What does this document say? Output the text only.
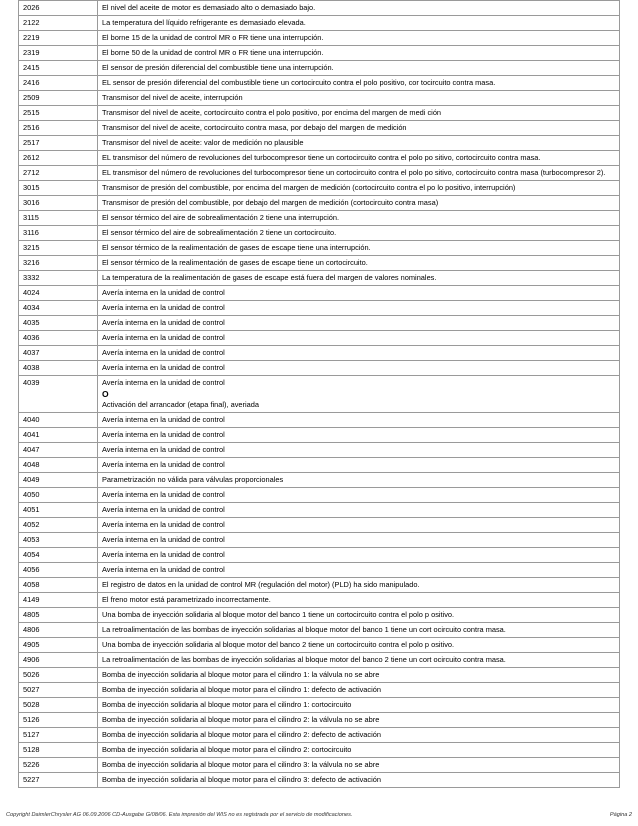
2026	El nivel del aceite de motor es demasiado alto o demasiado bajo.
2122	La temperatura del líquido refrigerante es demasiado elevada.
2219	El borne 15 de la unidad de control MR o FR tiene una interrupción.
2319	El borne 50 de la unidad de control MR o FR tiene una interrupción.
2415	El sensor de presión diferencial del combustible tiene una interrupción.
2416	EL sensor de presión diferencial del combustible tiene un cortocircuito contra el polo positivo, cor tocircuito contra masa.
2509	Transmisor del nivel de aceite, interrupción
2515	Transmisor del nivel de aceite, cortocircuito contra el polo positivo, por encima del margen de medi ción
2516	Transmisor del nivel de aceite, cortocircuito contra masa, por debajo del margen de medición
2517	Transmisor del nivel de aceite: valor de medición no plausible
2612	EL transmisor del número de revoluciones del turbocompresor tiene un cortocircuito contra el polo po sitivo, cortocircuito contra masa.
2712	EL transmisor del número de revoluciones del turbocompresor tiene un cortocircuito contra el polo po sitivo, cortocircuito contra masa (turbocompresor 2).
3015	Transmisor de presión del combustible, por encima del margen de medición (cortocircuito contra el po lo positivo, interrupción)
3016	Transmisor de presión del combustible, por debajo del margen de medición (cortocircuito contra masa)
3115	El sensor térmico del aire de sobrealimentación 2 tiene una interrupción.
3116	El sensor térmico del aire de sobrealimentación 2 tiene un cortocircuito.
3215	El sensor térmico de la realimentación de gases de escape tiene una interrupción.
3216	El sensor térmico de la realimentación de gases de escape tiene un cortocircuito.
3332	La temperatura de la realimentación de gases de escape está fuera del margen de valores nominales.
4024	Avería interna en la unidad de control
4034	Avería interna en la unidad de control
4035	Avería interna en la unidad de control
4036	Avería interna en la unidad de control
4037	Avería interna en la unidad de control
4038	Avería interna en la unidad de control
4039	Avería interna en la unidad de control
O
Activación del arrancador (etapa final), averiada

4040	Avería interna en la unidad de control
4041	Avería interna en la unidad de control
4047	Avería interna en la unidad de control
4048	Avería interna en la unidad de control
4049	Parametrización no válida para válvulas proporcionales
4050	Avería interna en la unidad de control
4051	Avería interna en la unidad de control
4052	Avería interna en la unidad de control
4053	Avería interna en la unidad de control
4054	Avería interna en la unidad de control
4056	Avería interna en la unidad de control
4058	El registro de datos en la unidad de control MR (regulación del motor) (PLD) ha sido manipulado.
4149	El freno motor está parametrizado incorrectamente.
4805	Una bomba de inyección solidaria al bloque motor del banco 1 tiene un cortocircuito contra el polo p ositivo.
4806	La retroalimentación de las bombas de inyección solidarias al bloque motor del banco 1 tiene un cort ocircuito contra masa.
4905	Una bomba de inyección solidaria al bloque motor del banco 2 tiene un cortocircuito contra el polo p ositivo.
4906	La retroalimentación de las bombas de inyección solidarias al bloque motor del banco 2 tiene un cort ocircuito contra masa.
5026	Bomba de inyección solidaria al bloque motor para el cilindro 1: la válvula no se abre
5027	Bomba de inyección solidaria al bloque motor para el cilindro 1: defecto de activación
5028	Bomba de inyección solidaria al bloque motor para el cilindro 1: cortocircuito
5126	Bomba de inyección solidaria al bloque motor para el cilindro 2: la válvula no se abre
5127	Bomba de inyección solidaria al bloque motor para el cilindro 2: defecto de activación
5128	Bomba de inyección solidaria al bloque motor para el cilindro 2: cortocircuito
5226	Bomba de inyección solidaria al bloque motor para el cilindro 3: la válvula no se abre
5227	Bomba de inyección solidaria al bloque motor para el cilindro 3: defecto de activación
Copyright DaimlerChrysler AG 06.09.2006 CD-Ausgabe G/08/06. Esta impresión del WIS no es registrada por el servicio de modificaciones.	Página 2
